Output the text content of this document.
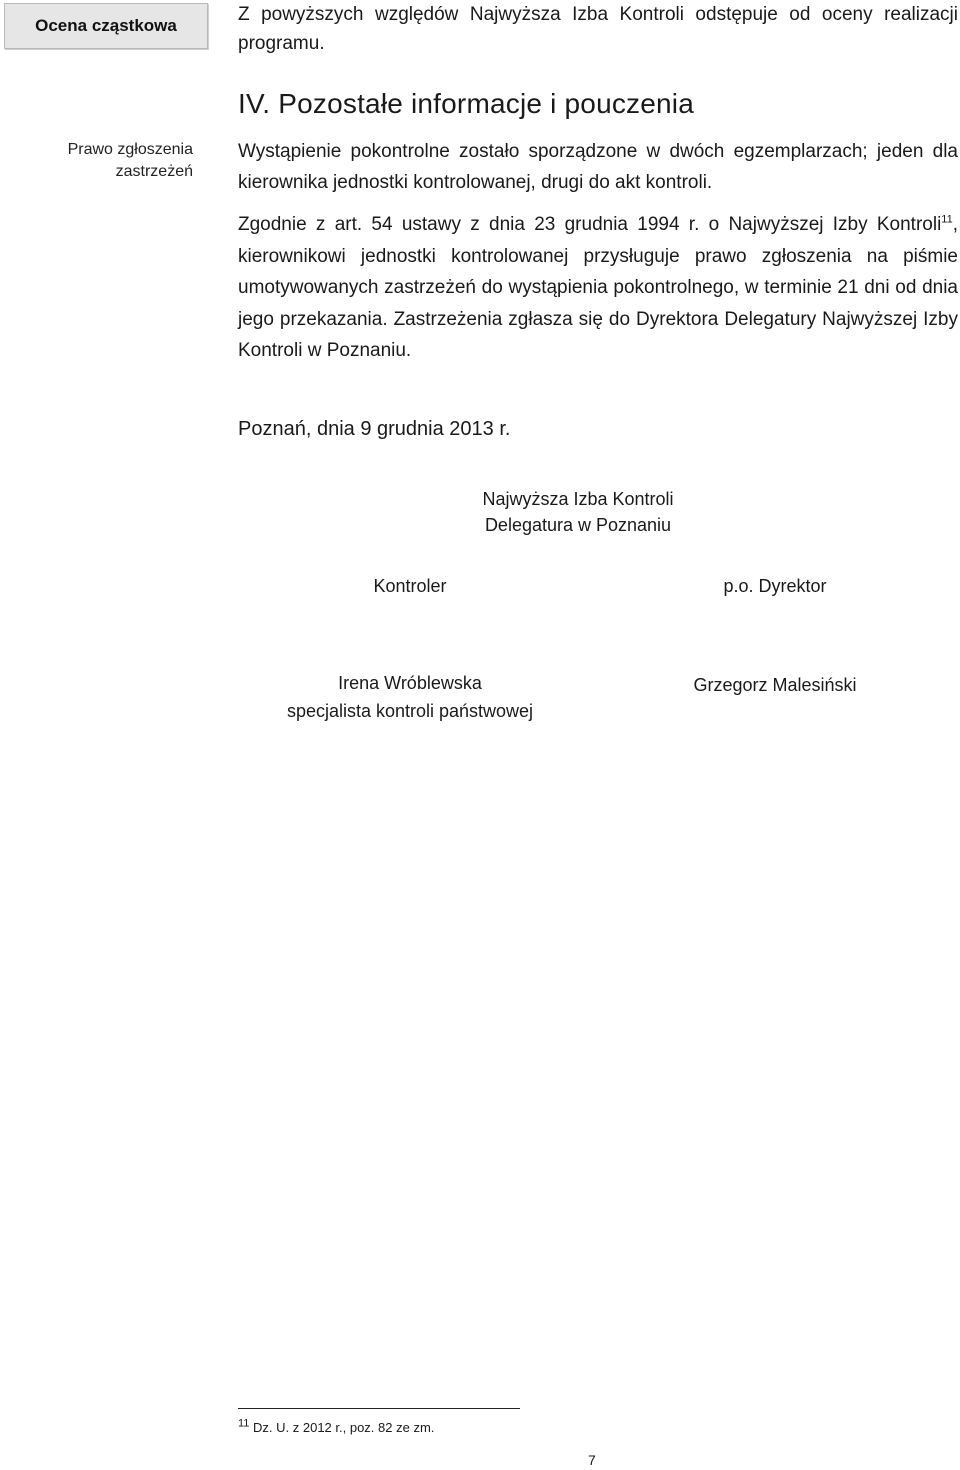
Ocena cząstkowa
Prawo zgłoszenia
zastrzeżeń
Z powyższych względów Najwyższa Izba Kontroli odstępuje od oceny realizacji programu.
IV. Pozostałe informacje i pouczenia
Wystąpienie pokontrolne zostało sporządzone w dwóch egzemplarzach; jeden dla kierownika jednostki kontrolowanej, drugi do akt kontroli.
Zgodnie z art. 54 ustawy z dnia 23 grudnia 1994 r. o Najwyższej Izby Kontroli$^{11}$, kierownikowi jednostki kontrolowanej przysługuje prawo zgłoszenia na piśmie umotywowanych zastrzeżeń do wystąpienia pokontrolnego, w terminie 21 dni od dnia jego przekazania. Zastrzeżenia zgłasza się do Dyrektora Delegatury Najwyższej Izby Kontroli w Poznaniu.
Poznań, dnia 9 grudnia 2013 r.
Najwyższa Izba Kontroli
Delegatura w Poznaniu
Kontroler	p.o. Dyrektor
Irena Wróblewska
specjalista kontroli państwowej
Grzegorz Malesiński
$^{11}$ Dz. U. z 2012 r., poz. 82 ze zm.
7
